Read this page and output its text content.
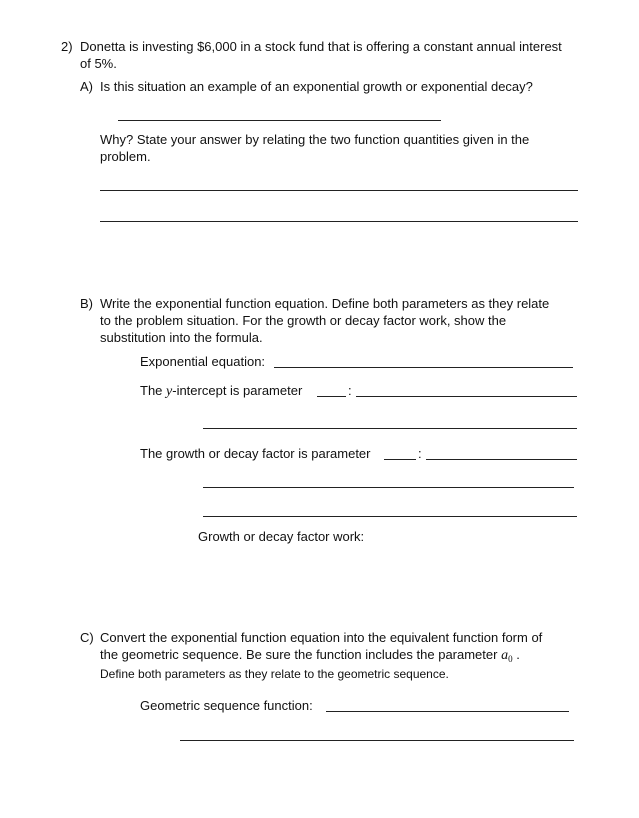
2) Donetta is investing $6,000 in a stock fund that is offering a constant annual interest
of 5%.
A) Is this situation an example of an exponential growth or exponential decay?
Why? State your answer by relating the two function quantities given in the
problem.
B) Write the exponential function equation. Define both parameters as they relate
to the problem situation. For the growth or decay factor work, show the
substitution into the formula.
Exponential equation:
The y-intercept is parameter	:
The growth or decay factor is parameter	:
Growth or decay factor work:
C) Convert the exponential function equation into the equivalent function form of
the geometric sequence. Be sure the function includes the parameter $a_0$ .
Define both parameters as they relate to the geometric sequence.
Geometric sequence function:
